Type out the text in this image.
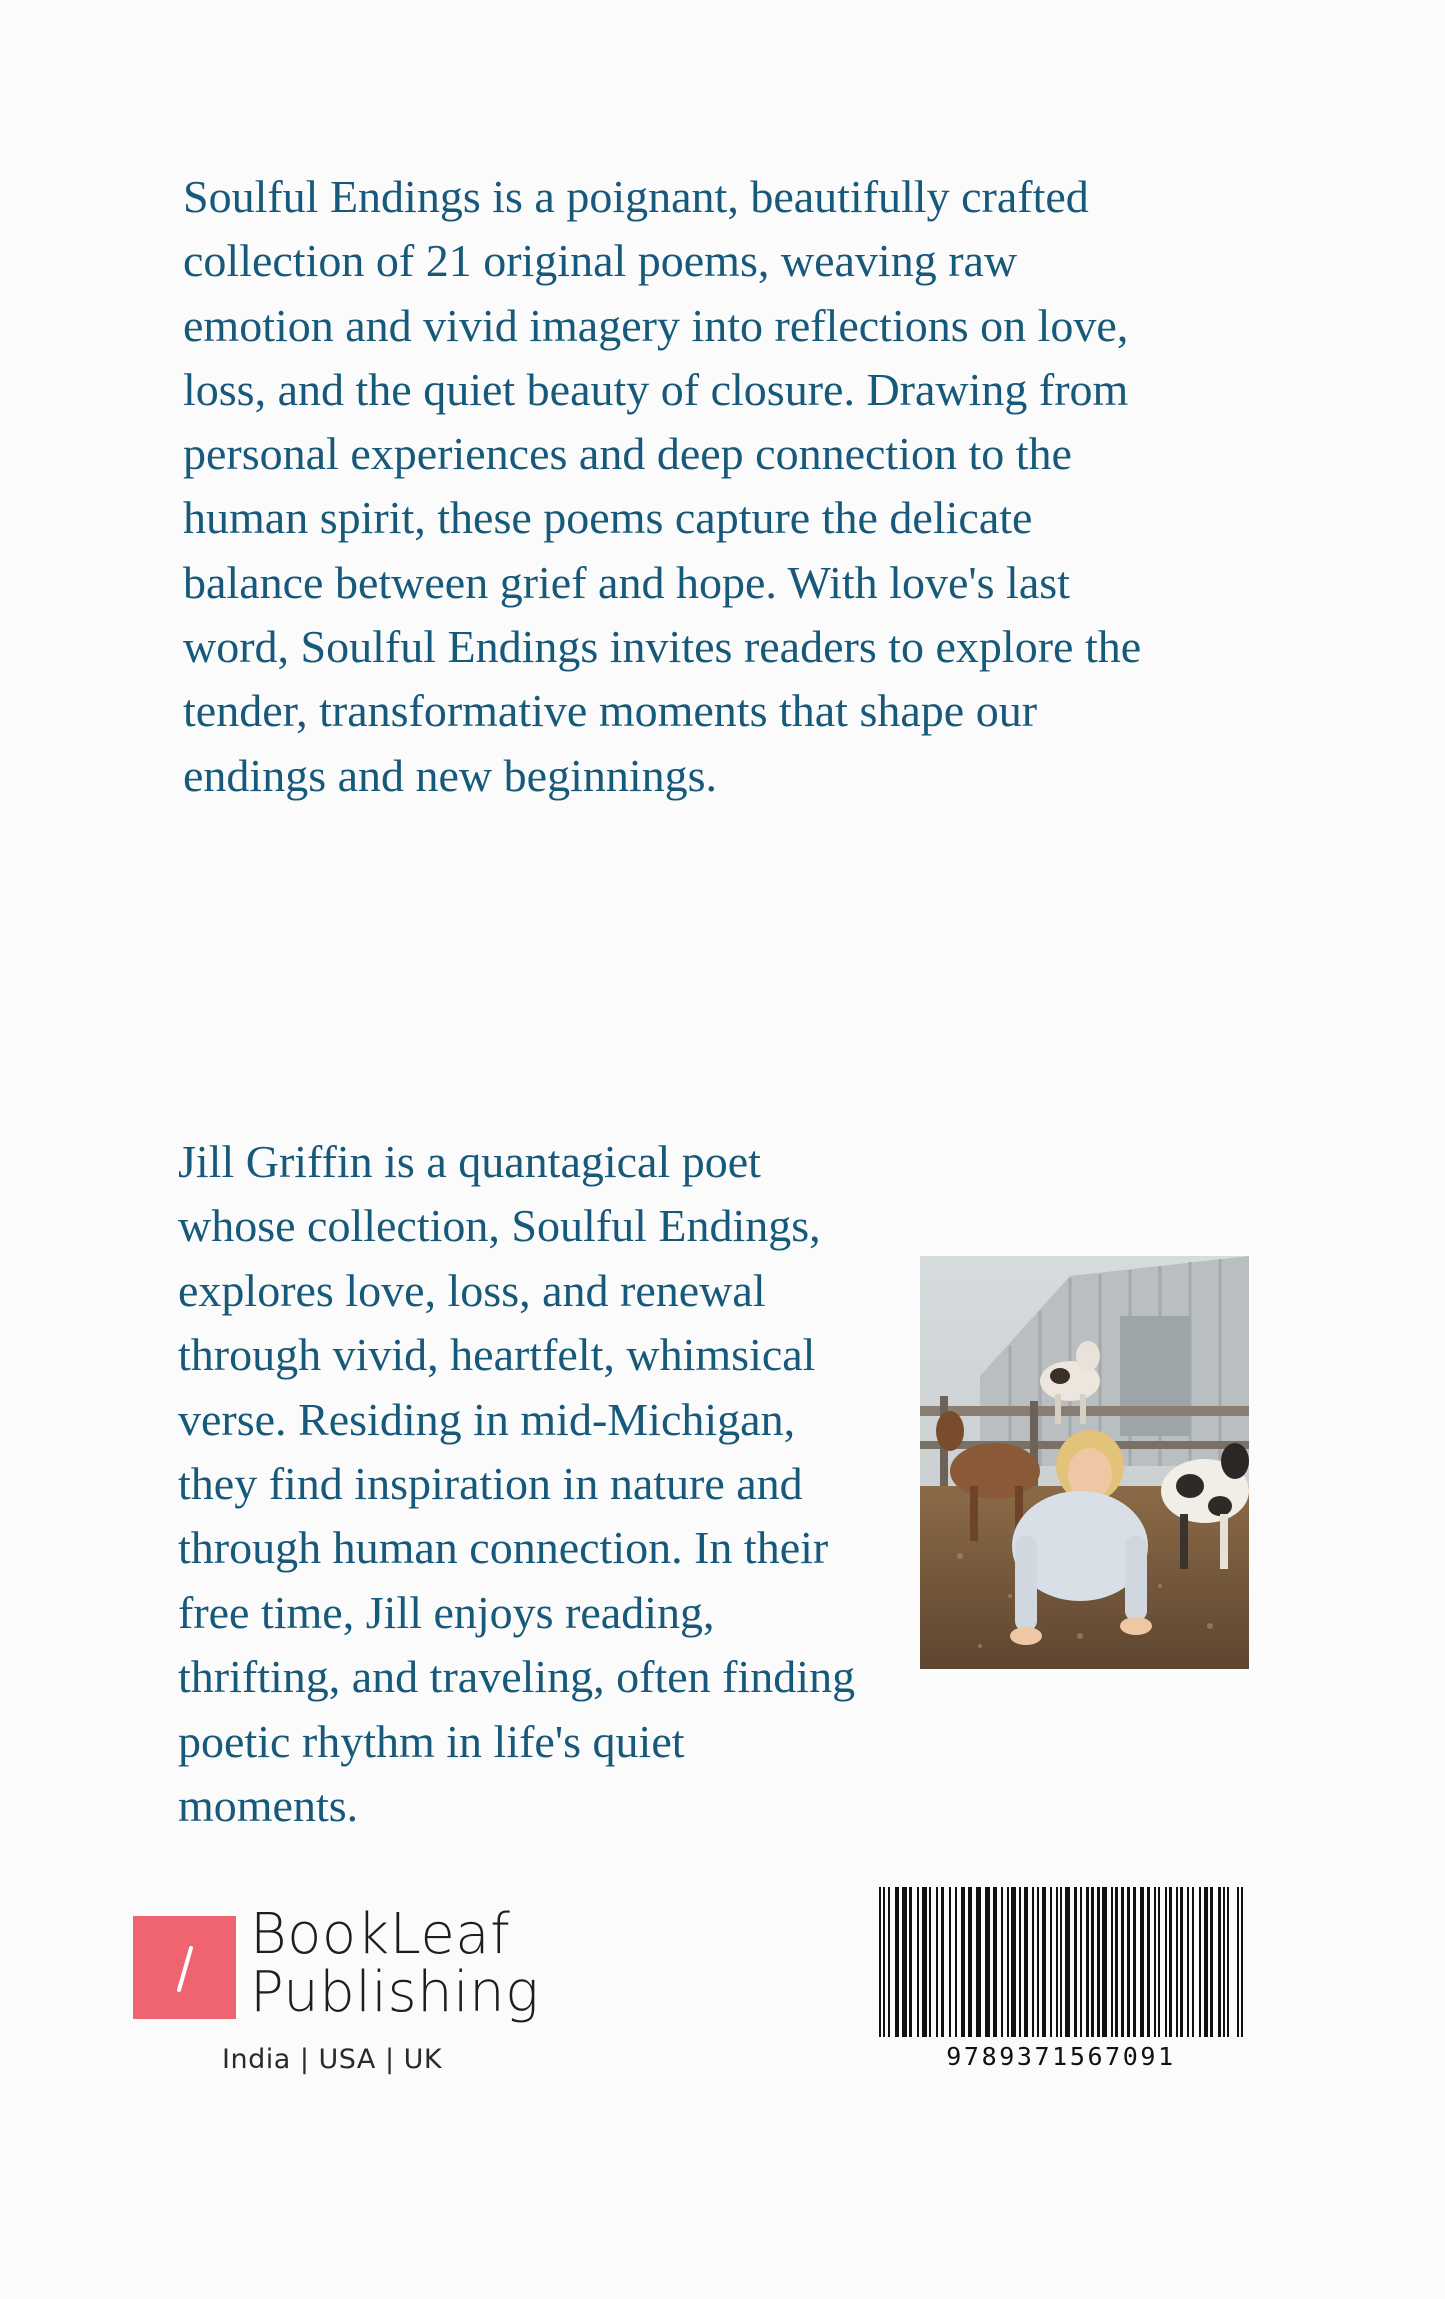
Soulful Endings is a poignant, beautifully crafted
collection of 21 original poems, weaving raw
emotion and vivid imagery into reflections on love,
loss, and the quiet beauty of closure. Drawing from
personal experiences and deep connection to the
human spirit, these poems capture the delicate
balance between grief and hope. With love's last
word, Soulful Endings invites readers to explore the
tender, transformative moments that shape our
endings and new beginnings.
Jill Griffin is a quantagical poet
whose collection, Soulful Endings,
explores love, loss, and renewal
through vivid, heartfelt, whimsical
verse. Residing in mid-Michigan,
they find inspiration in nature and
through human connection. In their
free time, Jill enjoys reading,
thrifting, and traveling, often finding
poetic rhythm in life's quiet
moments.
BookLeaf
Publishing
India | USA | UK	9789371567091
